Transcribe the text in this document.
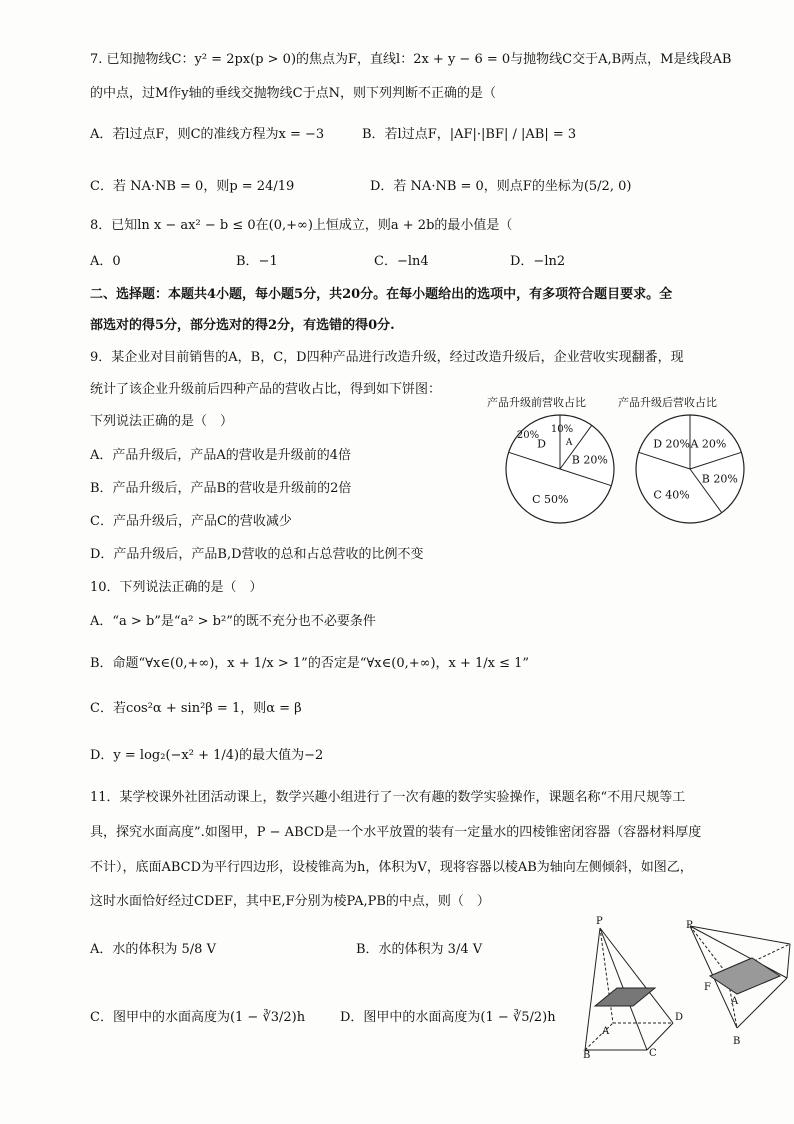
7. 已知抛物线C：y² = 2px(p > 0)的焦点为F，直线l：2x + y − 6 = 0与抛物线C交于A,B两点，M是线段AB
的中点，过M作y轴的垂线交抛物线C于点N，则下列判断不正确的是（
A．若l过点F，则C的准线方程为x = −3	B．若l过点F，|AF|·|BF| / |AB| = 3
C．若 NA·NB = 0，则p = 24/19	D．若 NA·NB = 0，则点F的坐标为(5/2, 0)
8．已知ln x − ax² − b ≤ 0在(0,+∞)上恒成立，则a + 2b的最小值是（
A．0	B．−1	C．−ln4	D．−ln2
二、选择题：本题共4小题，每小题5分，共20分。在每小题给出的选项中，有多项符合题目要求。全
部选对的得5分，部分选对的得2分，有选错的得0分.
9．某企业对目前销售的A，B，C，D四种产品进行改造升级，经过改造升级后，企业营收实现翻番，现
统计了该企业升级前后四种产品的营收占比，得到如下饼图：
下列说法正确的是（　）
A．产品升级后，产品A的营收是升级前的4倍
B．产品升级后，产品B的营收是升级前的2倍
C．产品升级后，产品C的营收减少
D．产品升级后，产品B,D营收的总和占总营收的比例不变
产品升级前营收占比	产品升级后营收占比
A
B 20%
C 50%
D
10%
20%
A 20%
B 20%
C 40%
D 20%
10．下列说法正确的是（　）
A．“a > b”是“a² > b²”的既不充分也不必要条件
B．命题“∀x∈(0,+∞)，x + 1/x > 1”的否定是“∀x∈(0,+∞)，x + 1/x ≤ 1”
C．若cos²α + sin²β = 1，则α = β
D．y = log₂(−x² + 1/4)的最大值为−2
11．某学校课外社团活动课上，数学兴趣小组进行了一次有趣的数学实验操作，课题名称“不用尺规等工
具，探究水面高度”.如图甲，P − ABCD是一个水平放置的装有一定量水的四棱锥密闭容器（容器材料厚度
不计），底面ABCD为平行四边形，设棱锥高为h，体积为V，现将容器以棱AB为轴向左侧倾斜，如图乙，
这时水面恰好经过CDEF，其中E,F分别为棱PA,PB的中点，则（　）
A．水的体积为 5/8 V	B．水的体积为 3/4 V
C．图甲中的水面高度为(1 − ∛3/2)h	D．图甲中的水面高度为(1 − ∛5/2)h
P
A
B	C
D
P
F
A
B
